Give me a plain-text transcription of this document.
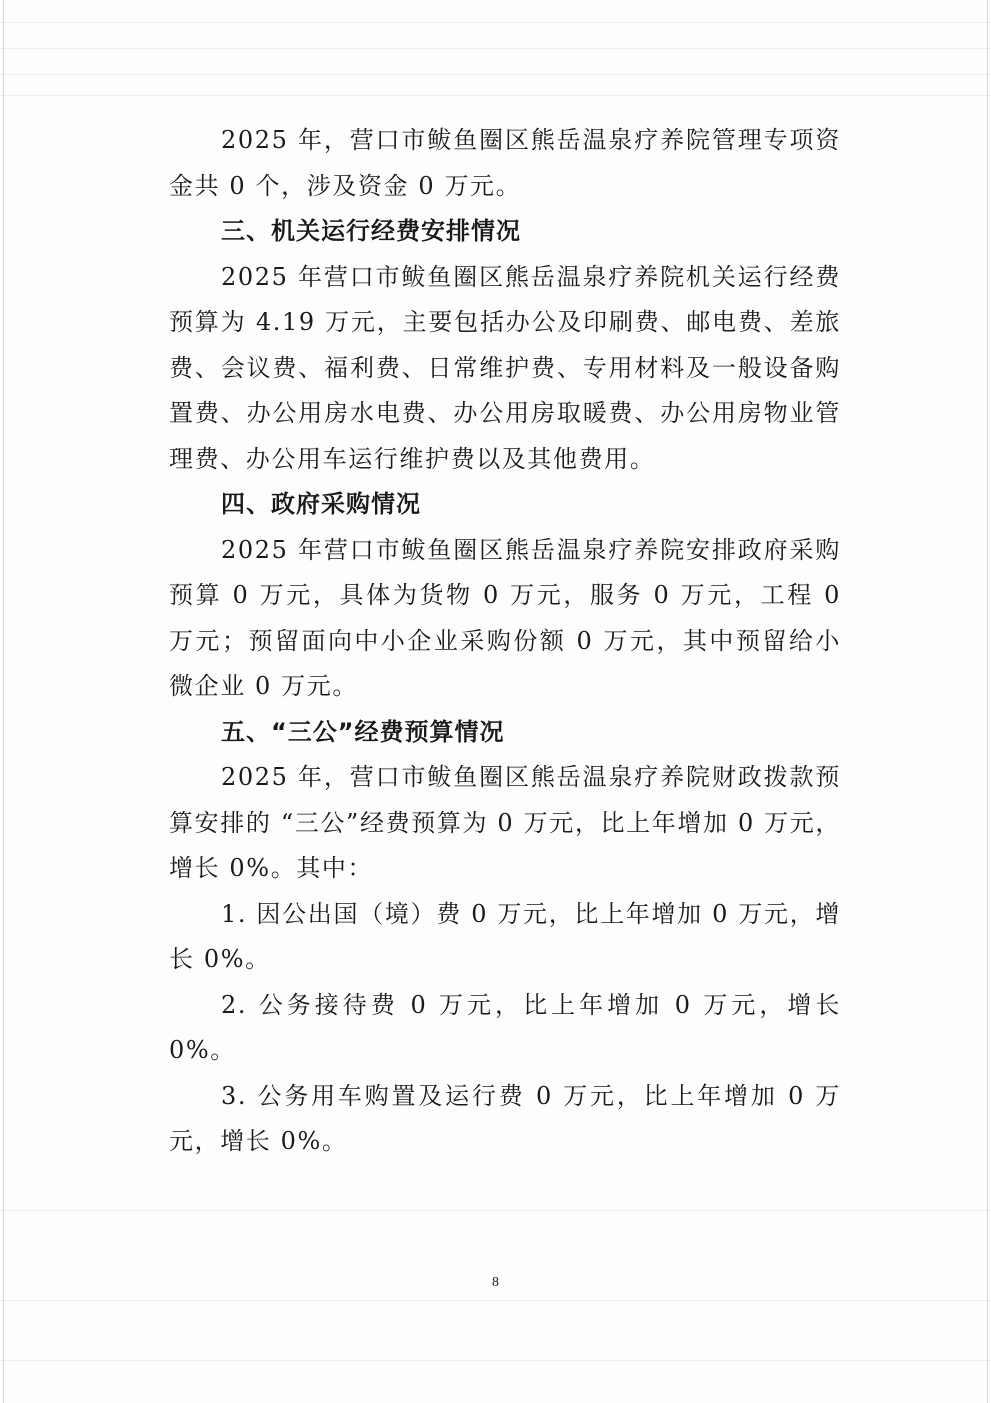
2025 年，营口市鲅鱼圈区熊岳温泉疗养院管理专项资金共 0 个，涉及资金 0 万元。

三、机关运行经费安排情况

2025 年营口市鲅鱼圈区熊岳温泉疗养院机关运行经费预算为 4.19 万元，主要包括办公及印刷费、邮电费、差旅费、会议费、福利费、日常维护费、专用材料及一般设备购置费、办公用房水电费、办公用房取暖费、办公用房物业管理费、办公用车运行维护费以及其他费用。

四、政府采购情况

2025 年营口市鲅鱼圈区熊岳温泉疗养院安排政府采购预算 0 万元，具体为货物 0 万元，服务 0 万元，工程 0 万元；预留面向中小企业采购份额 0 万元，其中预留给小微企业 0 万元。

五、“三公”经费预算情况

2025 年，营口市鲅鱼圈区熊岳温泉疗养院财政拨款预算安排的 “三公”经费预算为 0 万元，比上年增加 0 万元，增长 0%。其中：

1. 因公出国（境）费 0 万元，比上年增加 0 万元，增长 0%。

2. 公务接待费 0 万元，比上年增加 0 万元，增长 0%。

3. 公务用车购置及运行费 0 万元，比上年增加 0 万元，增长 0%。

8
